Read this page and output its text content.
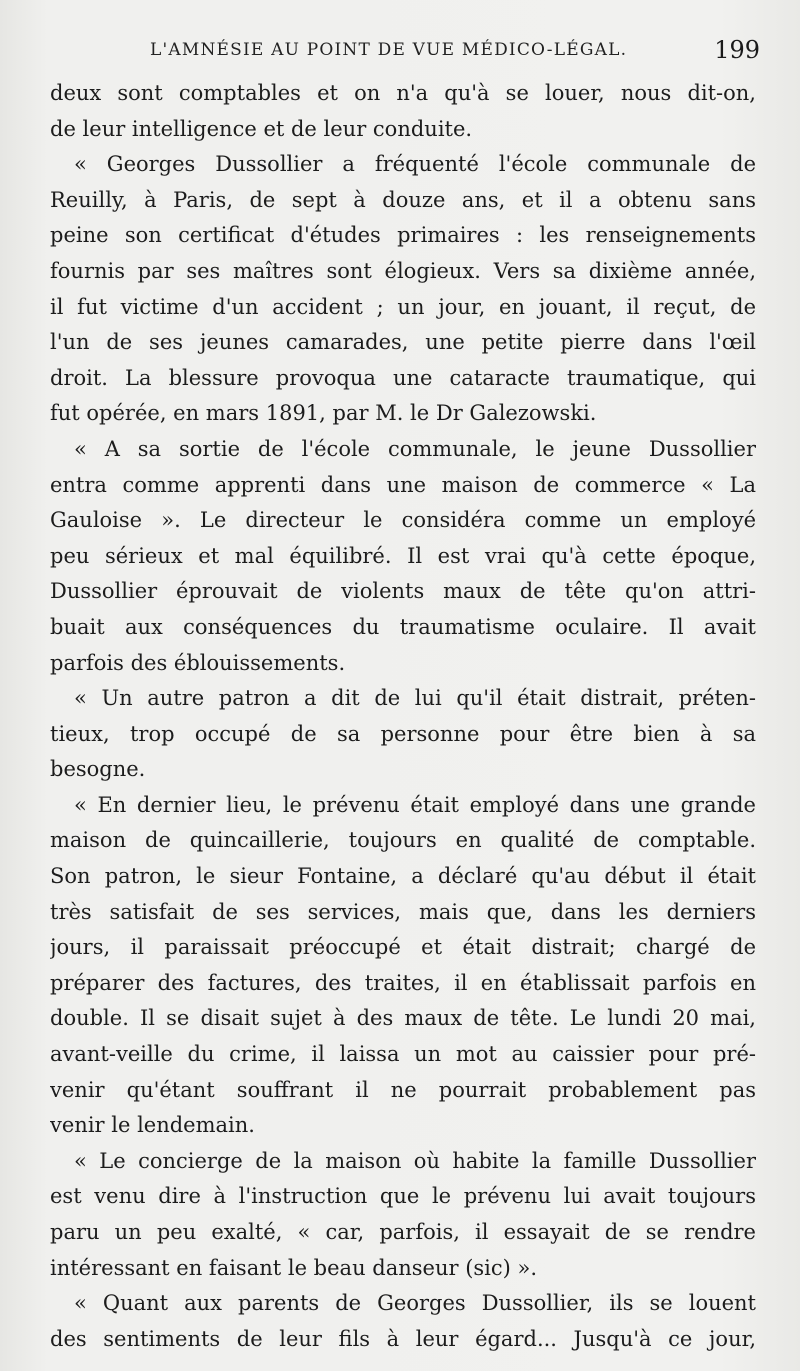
L'AMNÉSIE AU POINT DE VUE MÉDICO-LÉGAL.	199
deux sont comptables et on n'a qu'à se louer, nous dit-on,
de leur intelligence et de leur conduite.
« Georges Dussollier a fréquenté l'école communale de
Reuilly, à Paris, de sept à douze ans, et il a obtenu sans
peine son certificat d'études primaires : les renseignements
fournis par ses maîtres sont élogieux. Vers sa dixième année,
il fut victime d'un accident ; un jour, en jouant, il reçut, de
l'un de ses jeunes camarades, une petite pierre dans l'œil
droit. La blessure provoqua une cataracte traumatique, qui
fut opérée, en mars 1891, par M. le Dr Galezowski.
« A sa sortie de l'école communale, le jeune Dussollier
entra comme apprenti dans une maison de commerce « La
Gauloise ». Le directeur le considéra comme un employé
peu sérieux et mal équilibré. Il est vrai qu'à cette époque,
Dussollier éprouvait de violents maux de tête qu'on attri-
buait aux conséquences du traumatisme oculaire. Il avait
parfois des éblouissements.
« Un autre patron a dit de lui qu'il était distrait, préten-
tieux, trop occupé de sa personne pour être bien à sa
besogne.
« En dernier lieu, le prévenu était employé dans une grande
maison de quincaillerie, toujours en qualité de comptable.
Son patron, le sieur Fontaine, a déclaré qu'au début il était
très satisfait de ses services, mais que, dans les derniers
jours, il paraissait préoccupé et était distrait; chargé de
préparer des factures, des traites, il en établissait parfois en
double. Il se disait sujet à des maux de tête. Le lundi 20 mai,
avant-veille du crime, il laissa un mot au caissier pour pré-
venir qu'étant souffrant il ne pourrait probablement pas
venir le lendemain.
« Le concierge de la maison où habite la famille Dussollier
est venu dire à l'instruction que le prévenu lui avait toujours
paru un peu exalté, « car, parfois, il essayait de se rendre
intéressant en faisant le beau danseur (sic) ».
« Quant aux parents de Georges Dussollier, ils se louent
des sentiments de leur fils à leur égard... Jusqu'à ce jour,
